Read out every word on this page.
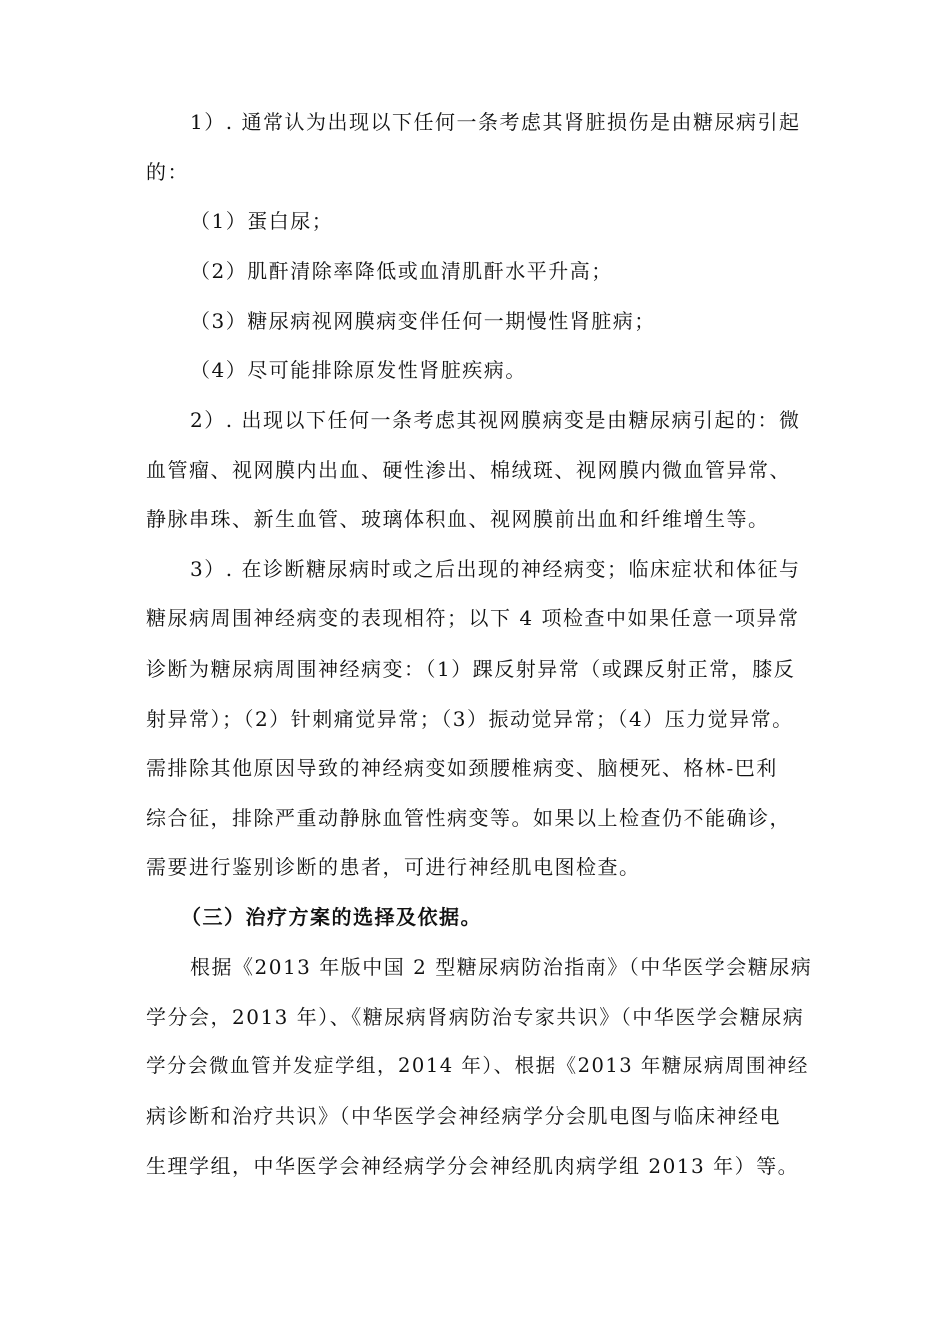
1）. 通常认为出现以下任何一条考虑其肾脏损伤是由糖尿病引起
的：
（1）蛋白尿；
（2）肌酐清除率降低或血清肌酐水平升高；
（3）糖尿病视网膜病变伴任何一期慢性肾脏病；
（4）尽可能排除原发性肾脏疾病。
2）. 出现以下任何一条考虑其视网膜病变是由糖尿病引起的：微
血管瘤、视网膜内出血、硬性渗出、棉绒斑、视网膜内微血管异常、
静脉串珠、新生血管、玻璃体积血、视网膜前出血和纤维增生等。
3）. 在诊断糖尿病时或之后出现的神经病变；临床症状和体征与
糖尿病周围神经病变的表现相符；以下 4 项检查中如果任意一项异常
诊断为糖尿病周围神经病变：（1）踝反射异常（或踝反射正常，膝反
射异常）；（2）针刺痛觉异常；（3）振动觉异常；（4）压力觉异常。
需排除其他原因导致的神经病变如颈腰椎病变、脑梗死、格林-巴利
综合征，排除严重动静脉血管性病变等。如果以上检查仍不能确诊，
需要进行鉴别诊断的患者，可进行神经肌电图检查。
（三）治疗方案的选择及依据。
根据《2013 年版中国 2 型糖尿病防治指南》（中华医学会糖尿病
学分会，2013 年）、《糖尿病肾病防治专家共识》（中华医学会糖尿病
学分会微血管并发症学组，2014 年）、根据《2013 年糖尿病周围神经
病诊断和治疗共识》（中华医学会神经病学分会肌电图与临床神经电
生理学组，中华医学会神经病学分会神经肌肉病学组 2013 年）等。
